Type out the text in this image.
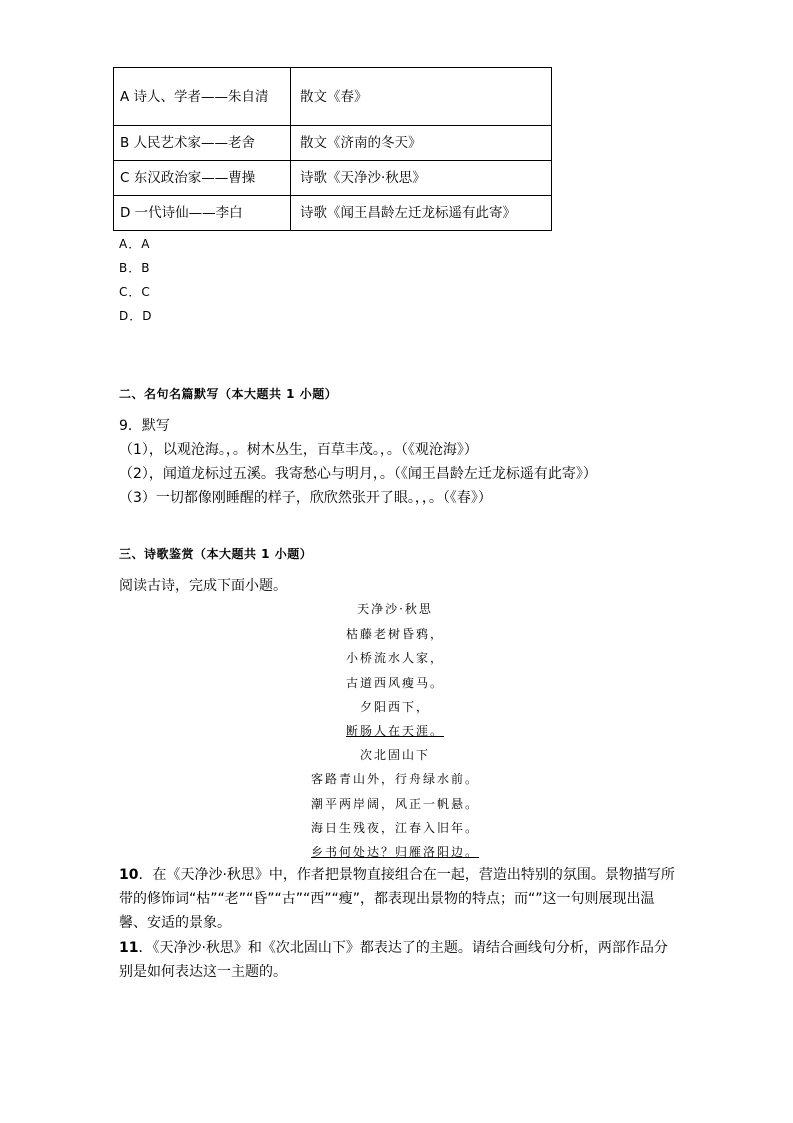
A 诗人、学者——朱自清	散文《春》
B 人民艺术家——老舍	散文《济南的冬天》
C 东汉政治家——曹操	诗歌《天净沙·秋思》
D 一代诗仙——李白	诗歌《闻王昌龄左迁龙标遥有此寄》
A．A
B．B
C．C
D．D
二、名句名篇默写（本大题共 1 小题）
9．默写
（1），以观沧海。，。树木丛生，百草丰茂。，。（《观沧海》）
（2），闻道龙标过五溪。我寄愁心与明月，。（《闻王昌龄左迁龙标遥有此寄》）
（3）一切都像刚睡醒的样子，欣欣然张开了眼。，，。（《春》）
三、诗歌鉴赏（本大题共 1 小题）
阅读古诗，完成下面小题。
天净沙·秋思
枯藤老树昏鸦，
小桥流水人家，
古道西风瘦马。
夕阳西下，
断肠人在天涯。
次北固山下
客路青山外，行舟绿水前。
潮平两岸阔，风正一帆悬。
海日生残夜，江春入旧年。
乡书何处达？归雁洛阳边。
10．在《天净沙·秋思》中，作者把景物直接组合在一起，营造出特别的氛围。景物描写所带的修饰词“枯”“老”“昏”“古”“西”“瘦”，都表现出景物的特点；而“”这一句则展现出温馨、安适的景象。
11．《天净沙·秋思》和《次北固山下》都表达了的主题。请结合画线句分析，两部作品分别是如何表达这一主题的。
